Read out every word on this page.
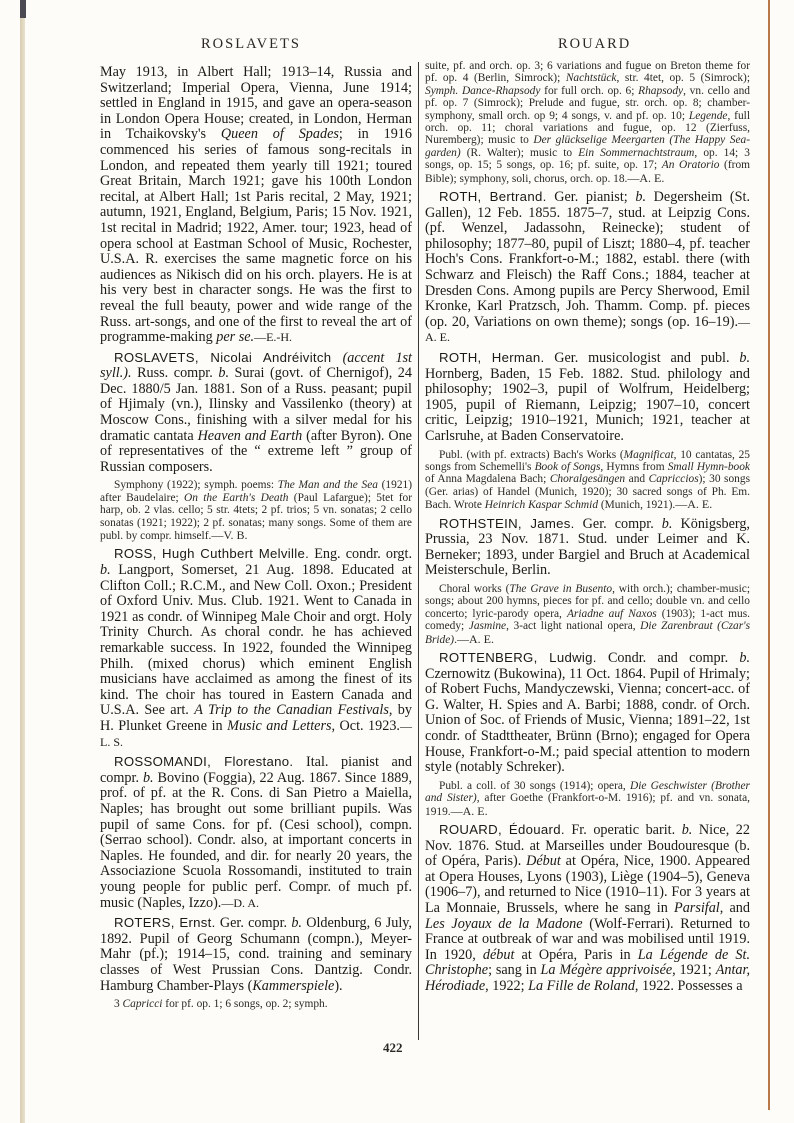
ROSLAVETS	ROUARD

May 1913, in Albert Hall; 1913–14, Russia and Switzerland; Imperial Opera, Vienna, June 1914; settled in England in 1915, and gave an opera-season in London Opera House; created, in London, Herman in Tchaikovsky's Queen of Spades; in 1916 commenced his series of famous song-recitals in London, and repeated them yearly till 1921; toured Great Britain, March 1921; gave his 100th London recital, at Albert Hall; 1st Paris recital, 2 May, 1921; autumn, 1921, England, Belgium, Paris; 15 Nov. 1921, 1st recital in Madrid; 1922, Amer. tour; 1923, head of opera school at Eastman School of Music, Rochester, U.S.A. R. exercises the same magnetic force on his audiences as Nikisch did on his orch. players. He is at his very best in character songs. He was the first to reveal the full beauty, power and wide range of the Russ. art-songs, and one of the first to reveal the art of programme-making per se.—E.-H.

ROSLAVETS, Nicolai Andréivitch (accent 1st syll.). Russ. compr. b. Surai (govt. of Chernigof), 24 Dec. 1880/5 Jan. 1881. Son of a Russ. peasant; pupil of Hjimaly (vn.), Ilinsky and Vassilenko (theory) at Moscow Cons., finishing with a silver medal for his dramatic cantata Heaven and Earth (after Byron). One of representatives of the “ extreme left ” group of Russian composers.

Symphony (1922); symph. poems: The Man and the Sea (1921) after Baudelaire; On the Earth's Death (Paul Lafargue); 5tet for harp, ob. 2 vlas. cello; 5 str. 4tets; 2 pf. trios; 5 vn. sonatas; 2 cello sonatas (1921; 1922); 2 pf. sonatas; many songs. Some of them are publ. by compr. himself.—V. B.

ROSS, Hugh Cuthbert Melville. Eng. condr. orgt. b. Langport, Somerset, 21 Aug. 1898. Educated at Clifton Coll.; R.C.M., and New Coll. Oxon.; President of Oxford Univ. Mus. Club. 1921. Went to Canada in 1921 as condr. of Winnipeg Male Choir and orgt. Holy Trinity Church. As choral condr. he has achieved remarkable success. In 1922, founded the Winnipeg Philh. (mixed chorus) which eminent English musicians have acclaimed as among the finest of its kind. The choir has toured in Eastern Canada and U.S.A. See art. A Trip to the Canadian Festivals, by H. Plunket Greene in Music and Letters, Oct. 1923.—L. S.

ROSSOMANDI, Florestano. Ital. pianist and compr. b. Bovino (Foggia), 22 Aug. 1867. Since 1889, prof. of pf. at the R. Cons. di San Pietro a Maiella, Naples; has brought out some brilliant pupils. Was pupil of same Cons. for pf. (Cesi school), compn. (Serrao school). Condr. also, at important concerts in Naples. He founded, and dir. for nearly 20 years, the Associazione Scuola Rossomandi, instituted to train young people for public perf. Compr. of much pf. music (Naples, Izzo).—D. A.

ROTERS, Ernst. Ger. compr. b. Oldenburg, 6 July, 1892. Pupil of Georg Schumann (compn.), Meyer-Mahr (pf.); 1914–15, cond. training and seminary classes of West Prussian Cons. Dantzig. Condr. Hamburg Chamber-Plays (Kammerspiele).

3 Capricci for pf. op. 1; 6 songs, op. 2; symph.

suite, pf. and orch. op. 3; 6 variations and fugue on Breton theme for pf. op. 4 (Berlin, Simrock); Nachtstück, str. 4tet, op. 5 (Simrock); Symph. Dance-Rhapsody for full orch. op. 6; Rhapsody, vn. cello and pf. op. 7 (Simrock); Prelude and fugue, str. orch. op. 8; chamber-symphony, small orch. op 9; 4 songs, v. and pf. op. 10; Legende, full orch. op. 11; choral variations and fugue, op. 12 (Zierfuss, Nuremberg); music to Der glückselige Meergarten (The Happy Sea-garden) (R. Walter); music to Ein Sommernachtstraum, op. 14; 3 songs, op. 15; 5 songs, op. 16; pf. suite, op. 17; An Oratorio (from Bible); symphony, soli, chorus, orch. op. 18.—A. E.

ROTH, Bertrand. Ger. pianist; b. Degersheim (St. Gallen), 12 Feb. 1855. 1875–7, stud. at Leipzig Cons. (pf. Wenzel, Jadassohn, Reinecke); student of philosophy; 1877–80, pupil of Liszt; 1880–4, pf. teacher Hoch's Cons. Frankfort-o-M.; 1882, establ. there (with Schwarz and Fleisch) the Raff Cons.; 1884, teacher at Dresden Cons. Among pupils are Percy Sherwood, Emil Kronke, Karl Pratzsch, Joh. Thamm. Comp. pf. pieces (op. 20, Variations on own theme); songs (op. 16–19).—A. E.

ROTH, Herman. Ger. musicologist and publ. b. Hornberg, Baden, 15 Feb. 1882. Stud. philology and philosophy; 1902–3, pupil of Wolfrum, Heidelberg; 1905, pupil of Riemann, Leipzig; 1907–10, concert critic, Leipzig; 1910–1921, Munich; 1921, teacher at Carlsruhe, at Baden Conservatoire.

Publ. (with pf. extracts) Bach's Works (Magnificat, 10 cantatas, 25 songs from Schemelli's Book of Songs, Hymns from Small Hymn-book of Anna Magdalena Bach; Choralgesängen and Capriccios); 30 songs (Ger. arias) of Handel (Munich, 1920); 30 sacred songs of Ph. Em. Bach. Wrote Heinrich Kaspar Schmid (Munich, 1921).—A. E.

ROTHSTEIN, James. Ger. compr. b. Königsberg, Prussia, 23 Nov. 1871. Stud. under Leimer and K. Berneker; 1893, under Bargiel and Bruch at Academical Meisterschule, Berlin.

Choral works (The Grave in Busento, with orch.); chamber-music; songs; about 200 hymns, pieces for pf. and cello; double vn. and cello concerto; lyric-parody opera, Ariadne auf Naxos (1903); 1-act mus. comedy; Jasmine, 3-act light national opera, Die Zarenbraut (Czar's Bride).—A. E.

ROTTENBERG, Ludwig. Condr. and compr. b. Czernowitz (Bukowina), 11 Oct. 1864. Pupil of Hrimaly; of Robert Fuchs, Mandyczewski, Vienna; concert-acc. of G. Walter, H. Spies and A. Barbi; 1888, condr. of Orch. Union of Soc. of Friends of Music, Vienna; 1891–22, 1st condr. of Stadttheater, Brünn (Brno); engaged for Opera House, Frankfort-o-M.; paid special attention to modern style (notably Schreker).

Publ. a coll. of 30 songs (1914); opera, Die Geschwister (Brother and Sister), after Goethe (Frankfort-o-M. 1916); pf. and vn. sonata, 1919.—A. E.

ROUARD, Édouard. Fr. operatic barit. b. Nice, 22 Nov. 1876. Stud. at Marseilles under Boudouresque (b. of Opéra, Paris). Début at Opéra, Nice, 1900. Appeared at Opera Houses, Lyons (1903), Liège (1904–5), Geneva (1906–7), and returned to Nice (1910–11). For 3 years at La Monnaie, Brussels, where he sang in Parsifal, and Les Joyaux de la Madone (Wolf-Ferrari). Returned to France at outbreak of war and was mobilised until 1919. In 1920, début at Opéra, Paris in La Légende de St. Christophe; sang in La Mégère apprivoisée, 1921; Antar, Hérodiade, 1922; La Fille de Roland, 1922. Possesses a

422
